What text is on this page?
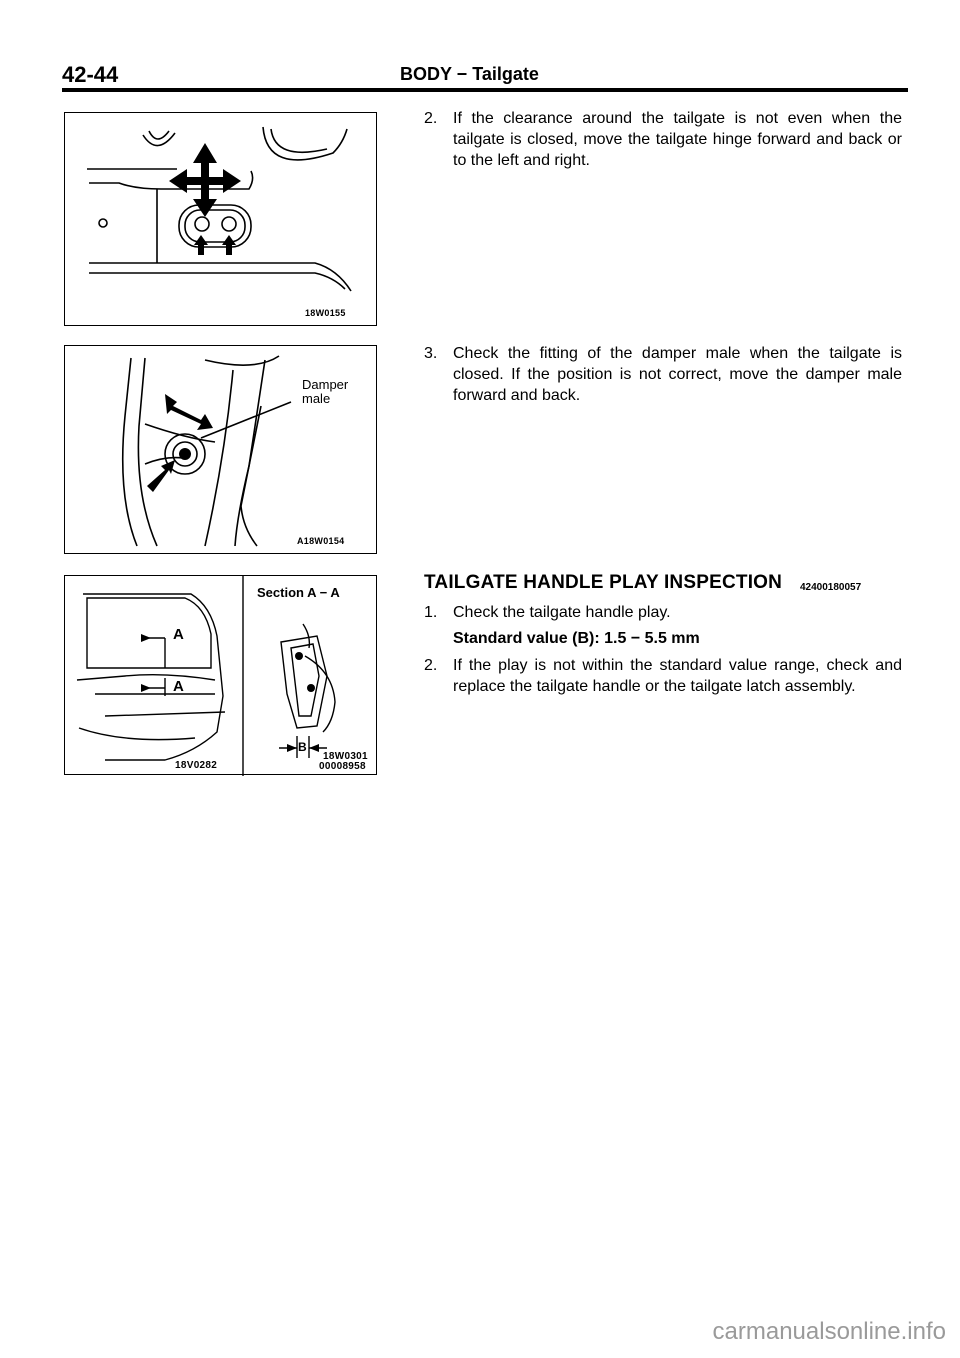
42-44	BODY − Tailgate
18W0155
Damper
male
A18W0154
A
A
Section A − A
B
18V0282
18W0301
00008958
2. If the clearance around the tailgate is not even when the tailgate is closed, move the tailgate hinge forward and back or to the left and right.
3. Check the fitting of the damper male when the tailgate is closed. If the position is not correct, move the damper male forward and back.
TAILGATE HANDLE PLAY INSPECTION 42400180057
1. Check the tailgate handle play.
Standard value (B): 1.5 − 5.5 mm
2. If the play is not within the standard value range, check and replace the tailgate handle or the tailgate latch assembly.
carmanualsonline.info
